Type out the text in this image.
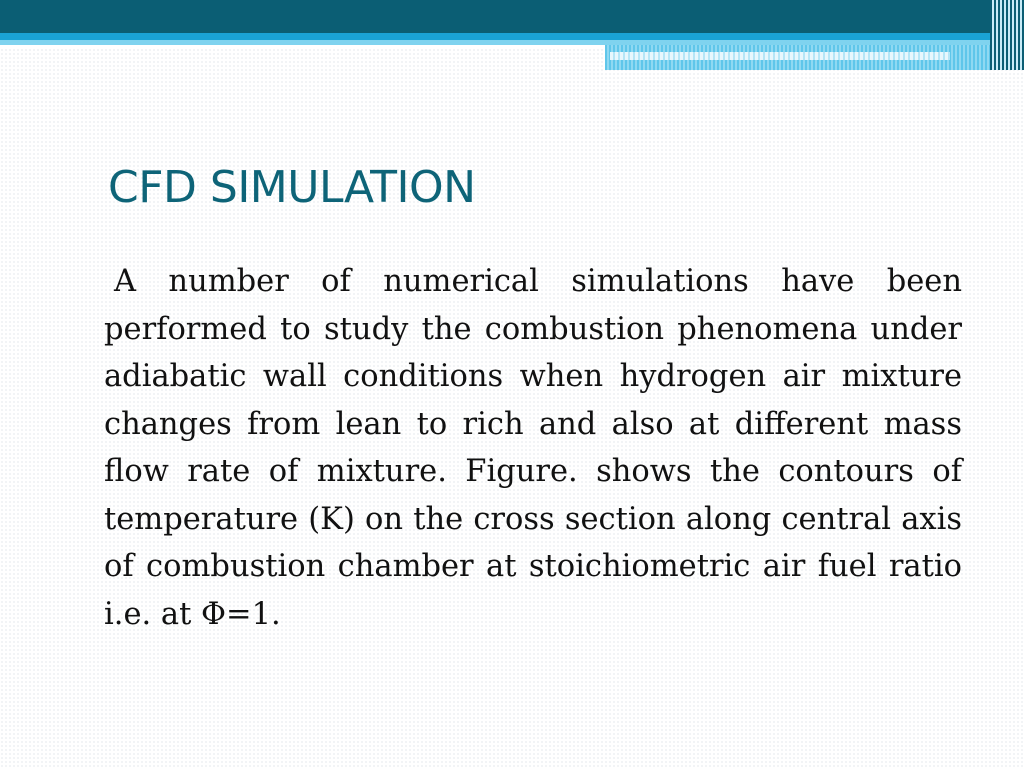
CFD SIMULATION

A number of numerical simulations have been performed to study the combustion phenomena under adiabatic wall conditions when hydrogen air mixture changes from lean to rich and also at different mass flow rate of mixture. Figure. shows the contours of temperature (K) on the cross section along central axis of combustion chamber at stoichiometric air fuel ratio i.e. at Φ=1.
